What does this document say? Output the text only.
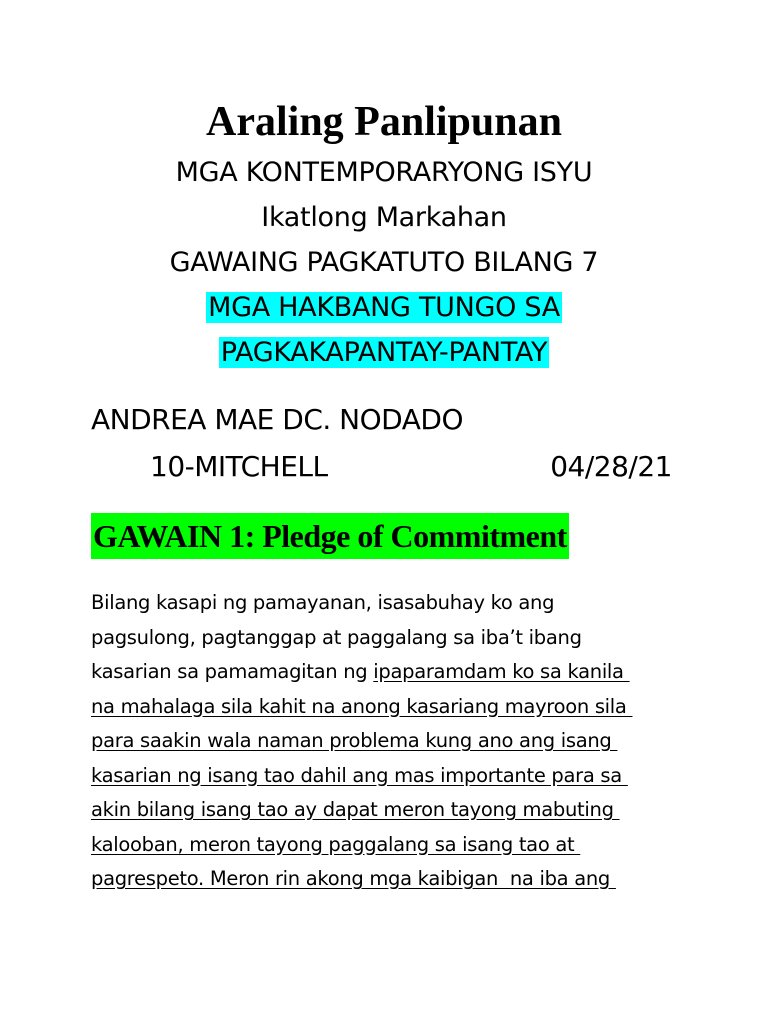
Araling Panlipunan
MGA KONTEMPORARYONG ISYU
Ikatlong Markahan
GAWAING PAGKATUTO BILANG 7
MGA HAKBANG TUNGO SA
PAGKAKAPANTAY-PANTAY
ANDREA MAE DC. NODADO
10-MITCHELL	04/28/21
GAWAIN 1: Pledge of Commitment
Bilang kasapi ng pamayanan, isasabuhay ko ang
pagsulong, pagtanggap at paggalang sa iba’t ibang
kasarian sa pamamagitan ng ipaparamdam ko sa kanila
na mahalaga sila kahit na anong kasariang mayroon sila
para saakin wala naman problema kung ano ang isang
kasarian ng isang tao dahil ang mas importante para sa
akin bilang isang tao ay dapat meron tayong mabuting
kalooban, meron tayong paggalang sa isang tao at
pagrespeto. Meron rin akong mga kaibigan  na iba ang
